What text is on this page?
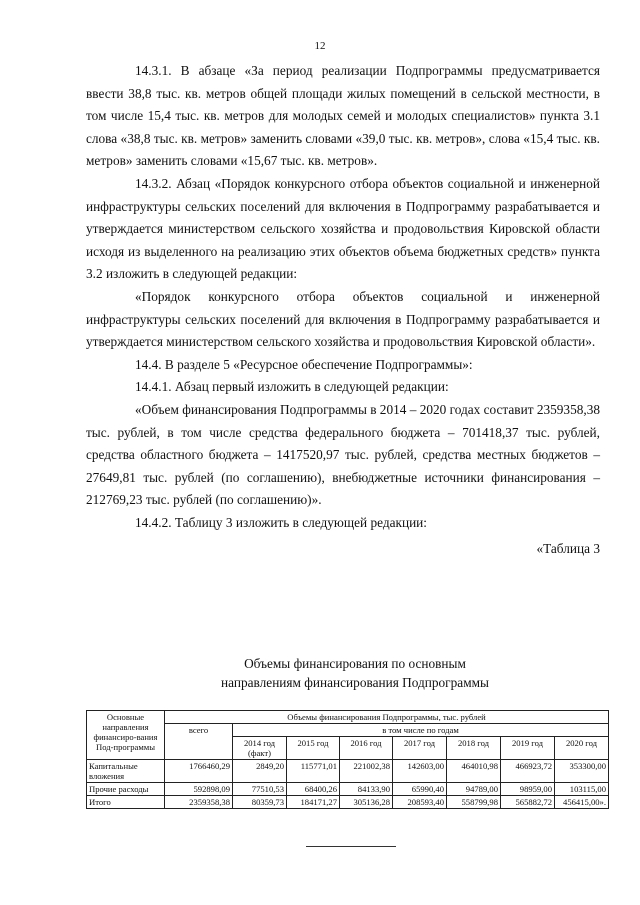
12

14.3.1. В абзаце «За период реализации Подпрограммы предусматривается ввести 38,8 тыс. кв. метров общей площади жилых помещений в сельской местности, в том числе 15,4 тыс. кв. метров для молодых семей и молодых специалистов» пункта 3.1 слова «38,8 тыс. кв. метров» заменить словами «39,0 тыс. кв. метров», слова «15,4 тыс. кв. метров» заменить словами «15,67 тыс. кв. метров».

14.3.2. Абзац «Порядок конкурсного отбора объектов социальной и инженерной инфраструктуры сельских поселений для включения в Подпрограмму разрабатывается и утверждается министерством сельского хозяйства и продовольствия Кировской области исходя из выделенного на реализацию этих объектов объема бюджетных средств» пункта 3.2 изложить в следующей редакции:

«Порядок конкурсного отбора объектов социальной и инженерной инфраструктуры сельских поселений для включения в Подпрограмму разрабатывается и утверждается министерством сельского хозяйства и продовольствия Кировской области».

14.4. В разделе 5 «Ресурсное обеспечение Подпрограммы»:

14.4.1. Абзац первый изложить в следующей редакции:

«Объем финансирования Подпрограммы в 2014 – 2020 годах составит 2359358,38 тыс. рублей, в том числе средства федерального бюджета – 701418,37 тыс. рублей, средства областного бюджета – 1417520,97 тыс. рублей, средства местных бюджетов – 27649,81 тыс. рублей (по соглашению), внебюджетные источники финансирования – 212769,23 тыс. рублей (по соглашению)».

14.4.2. Таблицу 3 изложить в следующей редакции:

«Таблица 3

Объемы финансирования по основным
направлениям финансирования Подпрограммы
Основные направления финансиро-вания Под-программы	Объемы финансирования Подпрограммы, тыс. рублей							
	всего	в том числе по годам						
		2014 год (факт)	2015 год	2016 год	2017 год	2018 год	2019 год	2020 год
Капитальные вложения	1766460,29	2849,20	115771,01	221002,38	142603,00	464010,98	466923,72	353300,00
Прочие расходы	592898,09	77510,53	68400,26	84133,90	65990,40	94789,00	98959,00	103115,00
Итого	2359358,38	80359,73	184171,27	305136,28	208593,40	558799,98	565882,72	456415,00».
